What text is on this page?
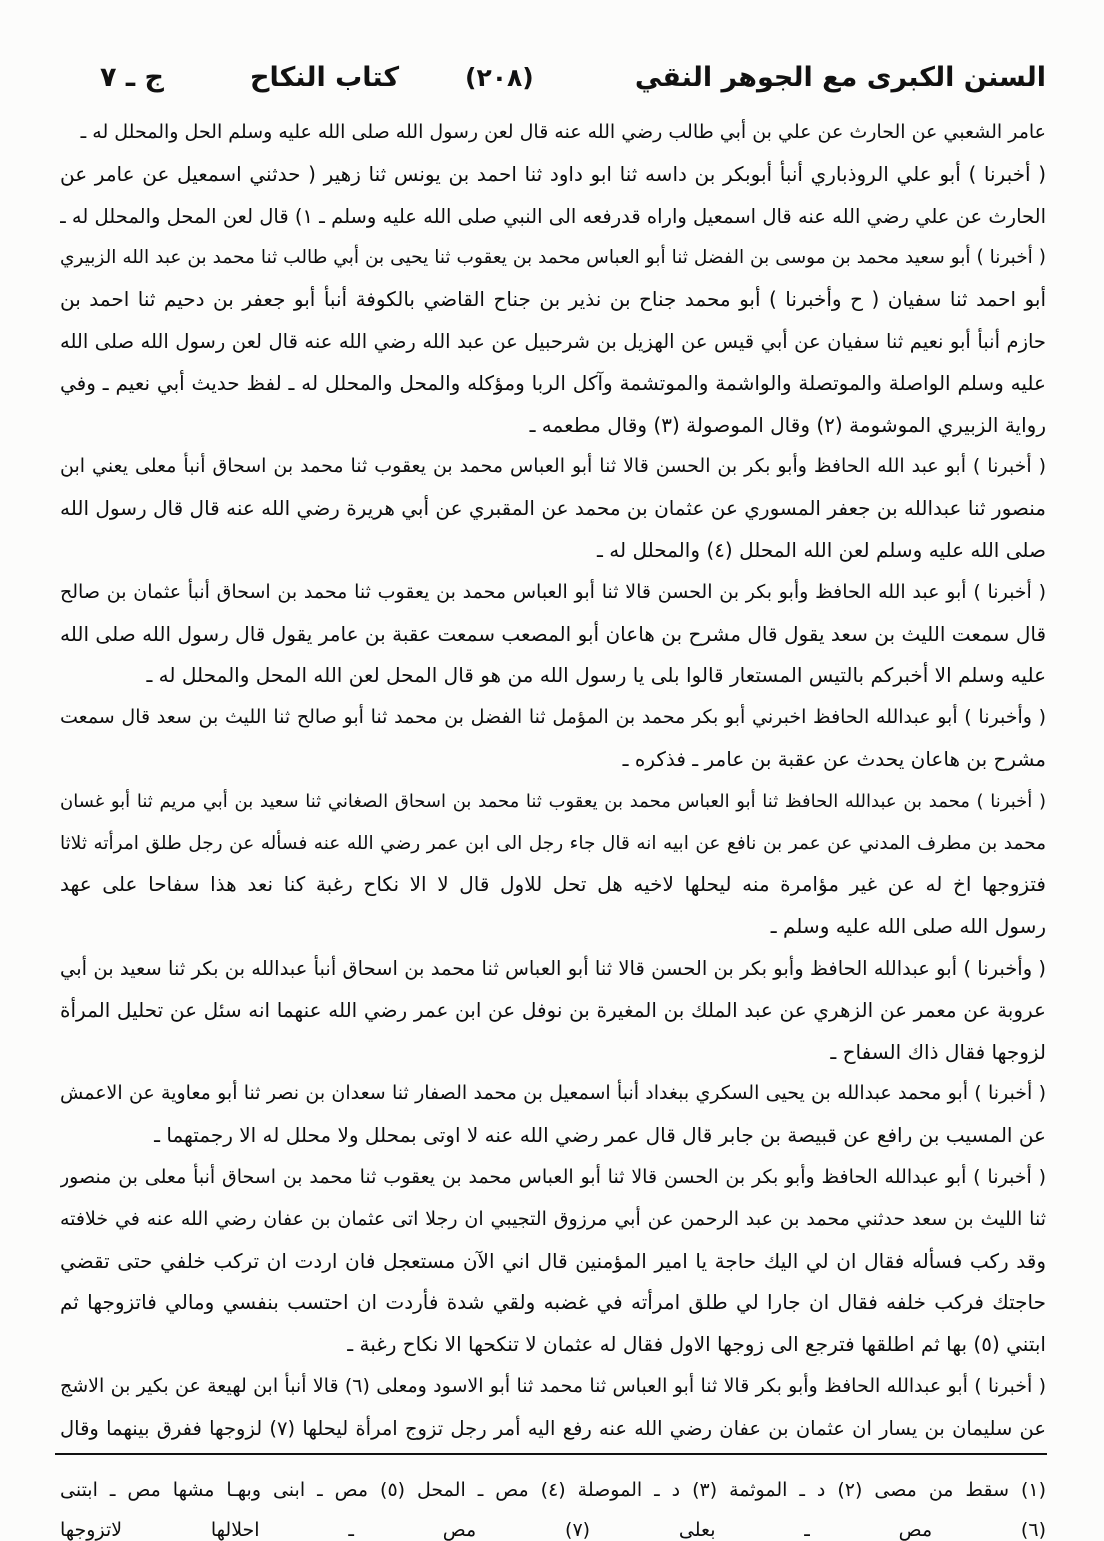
السنن الكبرى مع الجوهر النقي
(٢٠٨)
كتاب النكاح
ج ـ ٧
عامر الشعبي عن الحارث عن علي بن أبي طالب رضي الله عنه قال لعن رسول الله صلى الله عليه وسلم الحل والمحلل له ـ
( أخبرنا ) أبو علي الروذباري أنبأ أبوبكر بن داسه ثنا ابو داود ثنا احمد بن يونس ثنا زهير ( حدثني اسمعيل عن عامر عن
الحارث عن علي رضي الله عنه قال اسمعيل واراه قدرفعه الى النبي صلى الله عليه وسلم ـ ١) قال لعن المحل والمحلل له ـ
( أخبرنا ) أبو سعيد محمد بن موسى بن الفضل ثنا أبو العباس محمد بن يعقوب ثنا يحيى بن أبي طالب ثنا محمد بن عبد الله الزبيري
أبو احمد ثنا سفيان ( ح وأخبرنا ) أبو محمد جناح بن نذير بن جناح القاضي بالكوفة أنبأ أبو جعفر بن دحيم ثنا احمد بن
حازم أنبأ أبو نعيم ثنا سفيان عن أبي قيس عن الهزيل بن شرحبيل عن عبد الله رضي الله عنه قال لعن رسول الله صلى الله
عليه وسلم الواصلة والموتصلة والواشمة والموتشمة وآكل الربا ومؤكله والمحل والمحلل له ـ لفظ حديث أبي نعيم ـ وفي
رواية الزبيري الموشومة (٢) وقال الموصولة (٣) وقال مطعمه ـ
( أخبرنا ) أبو عبد الله الحافظ وأبو بكر بن الحسن قالا ثنا أبو العباس محمد بن يعقوب ثنا محمد بن اسحاق أنبأ معلى يعني ابن
منصور ثنا عبدالله بن جعفر المسوري عن عثمان بن محمد عن المقبري عن أبي هريرة رضي الله عنه قال قال رسول الله
صلى الله عليه وسلم لعن الله المحلل (٤) والمحلل له ـ
( أخبرنا ) أبو عبد الله الحافظ وأبو بكر بن الحسن قالا ثنا أبو العباس محمد بن يعقوب ثنا محمد بن اسحاق أنبأ عثمان بن صالح
قال سمعت الليث بن سعد يقول قال مشرح بن هاعان أبو المصعب سمعت عقبة بن عامر يقول قال رسول الله صلى الله
عليه وسلم الا أخبركم بالتيس المستعار قالوا بلى يا رسول الله من هو قال المحل لعن الله المحل والمحلل له ـ
( وأخبرنا ) أبو عبدالله الحافظ اخبرني أبو بكر محمد بن المؤمل ثنا الفضل بن محمد ثنا أبو صالح ثنا الليث بن سعد قال سمعت
مشرح بن هاعان يحدث عن عقبة بن عامر ـ فذكره ـ
( أخبرنا ) محمد بن عبدالله الحافظ ثنا أبو العباس محمد بن يعقوب ثنا محمد بن اسحاق الصغاني ثنا سعيد بن أبي مريم ثنا أبو غسان
محمد بن مطرف المدني عن عمر بن نافع عن ابيه انه قال جاء رجل الى ابن عمر رضي الله عنه فسأله عن رجل طلق امرأته ثلاثا
فتزوجها اخ له عن غير مؤامرة منه ليحلها لاخيه هل تحل للاول قال لا الا نكاح رغبة كنا نعد هذا سفاحا على عهد
رسول الله صلى الله عليه وسلم ـ
( وأخبرنا ) أبو عبدالله الحافظ وأبو بكر بن الحسن قالا ثنا أبو العباس ثنا محمد بن اسحاق أنبأ عبدالله بن بكر ثنا سعيد بن أبي
عروبة عن معمر عن الزهري عن عبد الملك بن المغيرة بن نوفل عن ابن عمر رضي الله عنهما انه سئل عن تحليل المرأة
لزوجها فقال ذاك السفاح ـ
( أخبرنا ) أبو محمد عبدالله بن يحيى السكري ببغداد أنبأ اسمعيل بن محمد الصفار ثنا سعدان بن نصر ثنا أبو معاوية عن الاعمش
عن المسيب بن رافع عن قبيصة بن جابر قال قال عمر رضي الله عنه لا اوتى بمحلل ولا محلل له الا رجمتهما ـ
( أخبرنا ) أبو عبدالله الحافظ وأبو بكر بن الحسن قالا ثنا أبو العباس محمد بن يعقوب ثنا محمد بن اسحاق أنبأ معلى بن منصور
ثنا الليث بن سعد حدثني محمد بن عبد الرحمن عن أبي مرزوق التجيبي ان رجلا اتى عثمان بن عفان رضي الله عنه في خلافته
وقد ركب فسأله فقال ان لي اليك حاجة يا امير المؤمنين قال اني الآن مستعجل فان اردت ان تركب خلفي حتى تقضي
حاجتك فركب خلفه فقال ان جارا لي طلق امرأته في غضبه ولقي شدة فأردت ان احتسب بنفسي ومالي فاتزوجها ثم
ابتني (٥) بها ثم اطلقها فترجع الى زوجها الاول فقال له عثمان لا تنكحها الا نكاح رغبة ـ
( أخبرنا ) أبو عبدالله الحافظ وأبو بكر قالا ثنا أبو العباس ثنا محمد ثنا أبو الاسود ومعلى (٦) قالا أنبأ ابن لهيعة عن بكير بن الاشج
عن سليمان بن يسار ان عثمان بن عفان رضي الله عنه رفع اليه أمر رجل تزوج امرأة ليحلها (٧) لزوجها ففرق بينهما وقال
(١) سقط من مصى (٢) د ـ الموثمة (٣) د ـ الموصلة (٤) مص ـ المحل (٥) مص ـ ابنى وبهـا مشها مص ـ ابتنى
(٦) مص ـ بعلى (٧) مص ـ احلالها لاتزوجها
